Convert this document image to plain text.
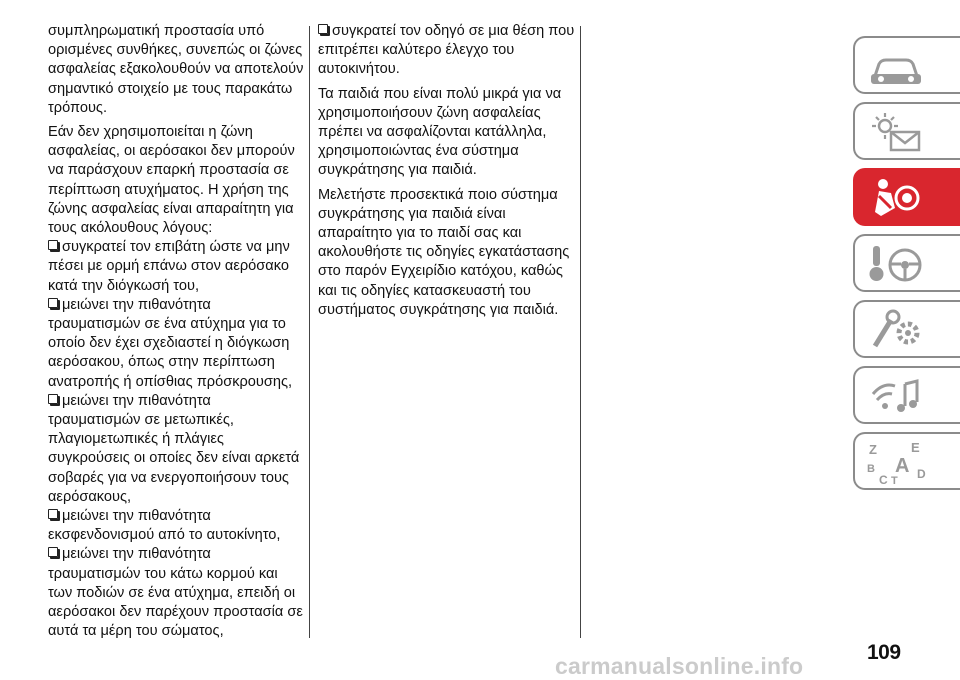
συμπληρωματική προστασία υπό ορισμένες συνθήκες, συνεπώς οι ζώνες ασφαλείας εξακολουθούν να αποτελούν σημαντικό στοιχείο με τους παρακάτω τρόπους.

Εάν δεν χρησιμοποιείται η ζώνη ασφαλείας, οι αερόσακοι δεν μπορούν να παράσχουν επαρκή προστασία σε περίπτωση ατυχήματος. Η χρήση της ζώνης ασφαλείας είναι απαραίτητη για τους ακόλουθους λόγους:

συγκρατεί τον επιβάτη ώστε να μην πέσει με ορμή επάνω στον αερόσακο κατά την διόγκωσή του,
μειώνει την πιθανότητα τραυματισμών σε ένα ατύχημα για το οποίο δεν έχει σχεδιαστεί η διόγκωση αερόσακου, όπως στην περίπτωση ανατροπής ή οπίσθιας πρόσκρουσης,
μειώνει την πιθανότητα τραυματισμών σε μετωπικές, πλαγιομετωπικές ή πλάγιες συγκρούσεις οι οποίες δεν είναι αρκετά σοβαρές για να ενεργοποιήσουν τους αερόσακους,
μειώνει την πιθανότητα εκσφενδονισμού από το αυτοκίνητο,
μειώνει την πιθανότητα τραυματισμών του κάτω κορμού και των ποδιών σε ένα ατύχημα, επειδή οι αερόσακοι δεν παρέχουν προστασία σε αυτά τα μέρη του σώματος,
συγκρατεί τον οδηγό σε μια θέση που επιτρέπει καλύτερο έλεγχο του αυτοκινήτου.

Τα παιδιά που είναι πολύ μικρά για να χρησιμοποιήσουν ζώνη ασφαλείας πρέπει να ασφαλίζονται κατάλληλα, χρησιμοποιώντας ένα σύστημα συγκράτησης για παιδιά.

Μελετήστε προσεκτικά ποιο σύστημα συγκράτησης για παιδιά είναι απαραίτητο για το παιδί σας και ακολουθήστε τις οδηγίες εγκατάστασης στο παρόν Εγχειρίδιο κατόχου, καθώς και τις οδηγίες κατασκευαστή του συστήματος συγκράτησης για παιδιά.

Z	E
B A
C T D
109
carmanualsonline.info
